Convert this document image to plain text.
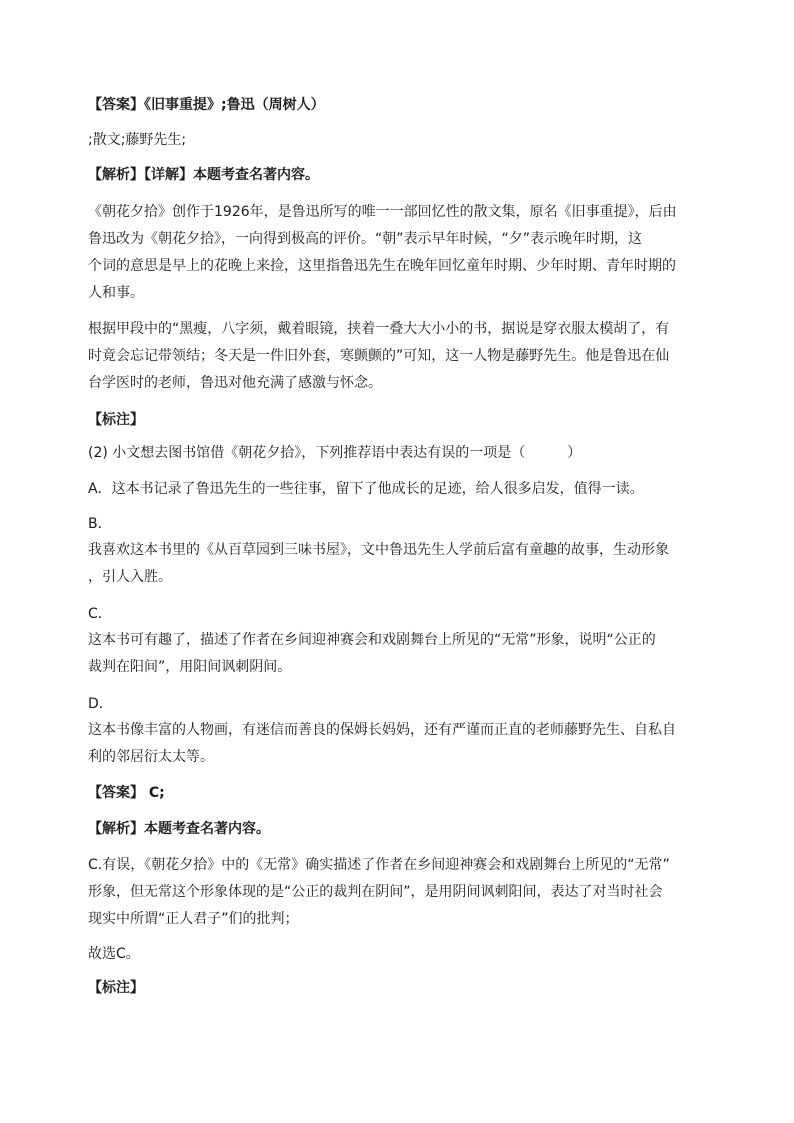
【答案】《旧事重提》;鲁迅（周树人）
;散文;藤野先生;
【解析】【详解】本题考查名著内容。
《朝花夕拾》创作于1926年，是鲁迅所写的唯一一部回忆性的散文集，原名《旧事重提》，后由
鲁迅改为《朝花夕拾》，一向得到极高的评价。“朝”表示早年时候，“夕”表示晚年时期，这
个词的意思是早上的花晚上来捡，这里指鲁迅先生在晚年回忆童年时期、少年时期、青年时期的
人和事。
根据甲段中的“黑瘦，八字须，戴着眼镜，挟着一叠大大小小的书，据说是穿衣服太模胡了，有
时竟会忘记带领结；冬天是一件旧外套，寒颤颤的”可知，这一人物是藤野先生。他是鲁迅在仙
台学医时的老师，鲁迅对他充满了感激与怀念。
【标注】
(2) 小文想去图书馆借《朝花夕拾》，下列推荐语中表达有误的一项是（　　　）
A．这本书记录了鲁迅先生的一些往事，留下了他成长的足迹，给人很多启发，值得一读。
B．
我喜欢这本书里的《从百草园到三味书屋》，文中鲁迅先生人学前后富有童趣的故事，生动形象
，引人入胜。
C．
这本书可有趣了，描述了作者在乡间迎神赛会和戏剧舞台上所见的“无常”形象，说明“公正的
裁判在阳间”，用阳间讽刺阴间。
D．
这本书像丰富的人物画，有迷信而善良的保姆长妈妈，还有严谨而正直的老师藤野先生、自私自
利的邻居衍太太等。
【答案】 C;
【解析】本题考查名著内容。
C.有误，《朝花夕拾》中的《无常》确实描述了作者在乡间迎神赛会和戏剧舞台上所见的“无常”
形象，但无常这个形象体现的是“公正的裁判在阴间”，是用阴间讽刺阳间，表达了对当时社会
现实中所谓“正人君子”们的批判；
故选C。
【标注】
